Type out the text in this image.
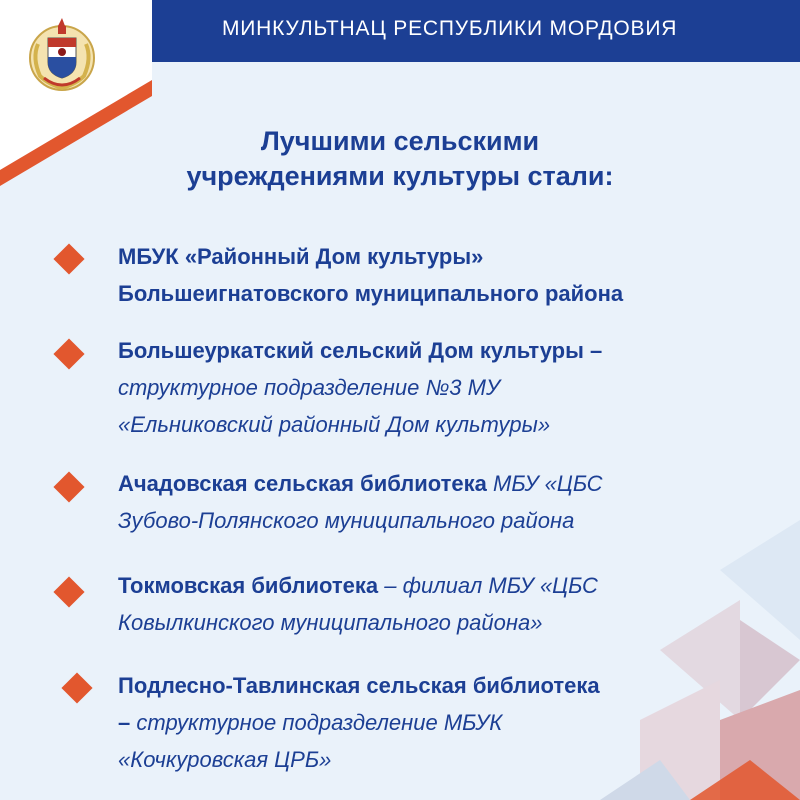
МИНКУЛЬТНАЦ РЕСПУБЛИКИ МОРДОВИЯ
Лучшими сельскими
учреждениями культуры стали:
МБУК «Районный Дом культуры»
Большеигнатовского муниципального района
Большеуркатский сельский Дом культуры –
структурное подразделение №3 МУ
«Ельниковский районный Дом культуры»
Ачадовская сельская библиотека МБУ «ЦБС
Зубово-Полянского муниципального района
Токмовская библиотека – филиал МБУ «ЦБС
Ковылкинского муниципального района»
Подлесно-Тавлинская сельская библиотека
– структурное подразделение МБУК
«Кочкуровская ЦРБ»
